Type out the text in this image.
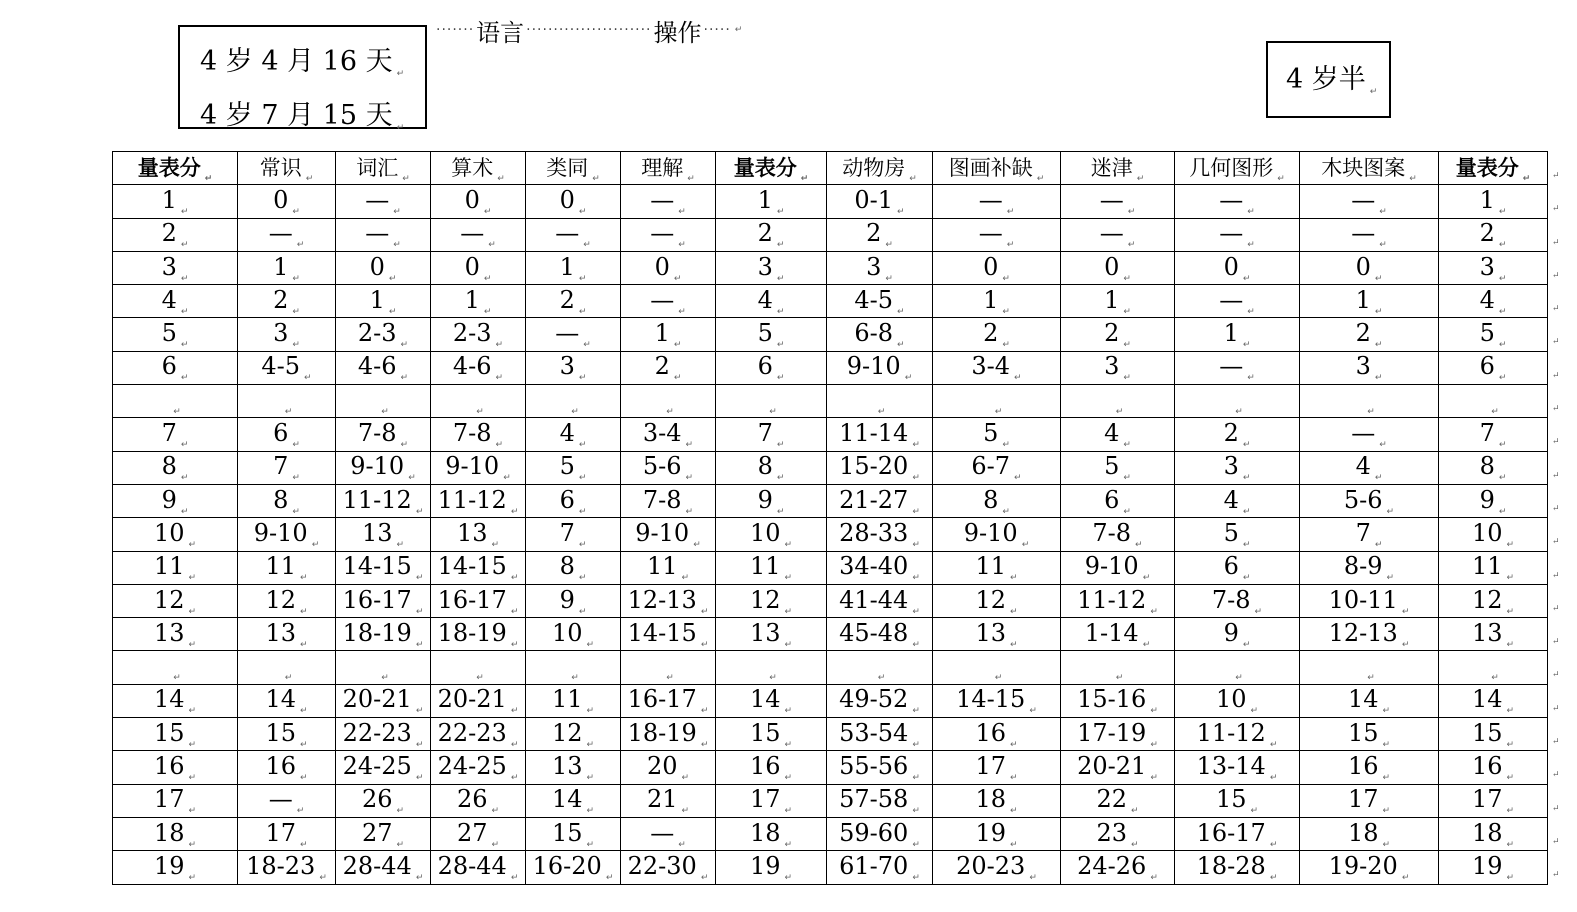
4 岁 4 月 16 天 $_↵$
4 岁 7 月 15 天 $_↵$
······· 语言 ······················· 操作 ····· ↵
4 岁半 $_↵$
量表分 $_↵$	常识 $_↵$	词汇 $_↵$	算术 $_↵$	类同 $_↵$	理解 $_↵$	量表分 $_↵$	动物房 $_↵$	图画补缺 $_↵$	迷津 $_↵$	几何图形 $_↵$	木块图案 $_↵$	量表分 $_↵$
1 $_↵$	0 $_↵$	— $_↵$	0 $_↵$	0 $_↵$	— $_↵$	1 $_↵$	0-1 $_↵$	— $_↵$	— $_↵$	— $_↵$	— $_↵$	1 $_↵$
2 $_↵$	— $_↵$	— $_↵$	— $_↵$	— $_↵$	— $_↵$	2 $_↵$	2 $_↵$	— $_↵$	— $_↵$	— $_↵$	— $_↵$	2 $_↵$
3 $_↵$	1 $_↵$	0 $_↵$	0 $_↵$	1 $_↵$	0 $_↵$	3 $_↵$	3 $_↵$	0 $_↵$	0 $_↵$	0 $_↵$	0 $_↵$	3 $_↵$
4 $_↵$	2 $_↵$	1 $_↵$	1 $_↵$	2 $_↵$	— $_↵$	4 $_↵$	4-5 $_↵$	1 $_↵$	1 $_↵$	— $_↵$	1 $_↵$	4 $_↵$
5 $_↵$	3 $_↵$	2-3 $_↵$	2-3 $_↵$	— $_↵$	1 $_↵$	5 $_↵$	6-8 $_↵$	2 $_↵$	2 $_↵$	1 $_↵$	2 $_↵$	5 $_↵$
6 $_↵$	4-5 $_↵$	4-6 $_↵$	4-6 $_↵$	3 $_↵$	2 $_↵$	6 $_↵$	9-10 $_↵$	3-4 $_↵$	3 $_↵$	— $_↵$	3 $_↵$	6 $_↵$
$_↵$	$_↵$	$_↵$	$_↵$	$_↵$	$_↵$	$_↵$	$_↵$	$_↵$	$_↵$	$_↵$	$_↵$	$_↵$
7 $_↵$	6 $_↵$	7-8 $_↵$	7-8 $_↵$	4 $_↵$	3-4 $_↵$	7 $_↵$	11-14 $_↵$	5 $_↵$	4 $_↵$	2 $_↵$	— $_↵$	7 $_↵$
8 $_↵$	7 $_↵$	9-10 $_↵$	9-10 $_↵$	5 $_↵$	5-6 $_↵$	8 $_↵$	15-20 $_↵$	6-7 $_↵$	5 $_↵$	3 $_↵$	4 $_↵$	8 $_↵$
9 $_↵$	8 $_↵$	11-12 $_↵$	11-12 $_↵$	6 $_↵$	7-8 $_↵$	9 $_↵$	21-27 $_↵$	8 $_↵$	6 $_↵$	4 $_↵$	5-6 $_↵$	9 $_↵$
10 $_↵$	9-10 $_↵$	13 $_↵$	13 $_↵$	7 $_↵$	9-10 $_↵$	10 $_↵$	28-33 $_↵$	9-10 $_↵$	7-8 $_↵$	5 $_↵$	7 $_↵$	10 $_↵$
11 $_↵$	11 $_↵$	14-15 $_↵$	14-15 $_↵$	8 $_↵$	11 $_↵$	11 $_↵$	34-40 $_↵$	11 $_↵$	9-10 $_↵$	6 $_↵$	8-9 $_↵$	11 $_↵$
12 $_↵$	12 $_↵$	16-17 $_↵$	16-17 $_↵$	9 $_↵$	12-13 $_↵$	12 $_↵$	41-44 $_↵$	12 $_↵$	11-12 $_↵$	7-8 $_↵$	10-11 $_↵$	12 $_↵$
13 $_↵$	13 $_↵$	18-19 $_↵$	18-19 $_↵$	10 $_↵$	14-15 $_↵$	13 $_↵$	45-48 $_↵$	13 $_↵$	1-14 $_↵$	9 $_↵$	12-13 $_↵$	13 $_↵$
$_↵$	$_↵$	$_↵$	$_↵$	$_↵$	$_↵$	$_↵$	$_↵$	$_↵$	$_↵$	$_↵$	$_↵$	$_↵$
14 $_↵$	14 $_↵$	20-21 $_↵$	20-21 $_↵$	11 $_↵$	16-17 $_↵$	14 $_↵$	49-52 $_↵$	14-15 $_↵$	15-16 $_↵$	10 $_↵$	14 $_↵$	14 $_↵$
15 $_↵$	15 $_↵$	22-23 $_↵$	22-23 $_↵$	12 $_↵$	18-19 $_↵$	15 $_↵$	53-54 $_↵$	16 $_↵$	17-19 $_↵$	11-12 $_↵$	15 $_↵$	15 $_↵$
16 $_↵$	16 $_↵$	24-25 $_↵$	24-25 $_↵$	13 $_↵$	20 $_↵$	16 $_↵$	55-56 $_↵$	17 $_↵$	20-21 $_↵$	13-14 $_↵$	16 $_↵$	16 $_↵$
17 $_↵$	— $_↵$	26 $_↵$	26 $_↵$	14 $_↵$	21 $_↵$	17 $_↵$	57-58 $_↵$	18 $_↵$	22 $_↵$	15 $_↵$	17 $_↵$	17 $_↵$
18 $_↵$	17 $_↵$	27 $_↵$	27 $_↵$	15 $_↵$	— $_↵$	18 $_↵$	59-60 $_↵$	19 $_↵$	23 $_↵$	16-17 $_↵$	18 $_↵$	18 $_↵$
19 $_↵$	18-23 $_↵$	28-44 $_↵$	28-44 $_↵$	16-20 $_↵$	22-30 $_↵$	19 $_↵$	61-70 $_↵$	20-23 $_↵$	24-26 $_↵$	18-28 $_↵$	19-20 $_↵$	19 $_↵$
↵
↵
↵
↵
↵
↵
↵
↵
↵
↵
↵
↵
↵
↵
↵
↵
↵
↵
↵
↵
↵
↵
